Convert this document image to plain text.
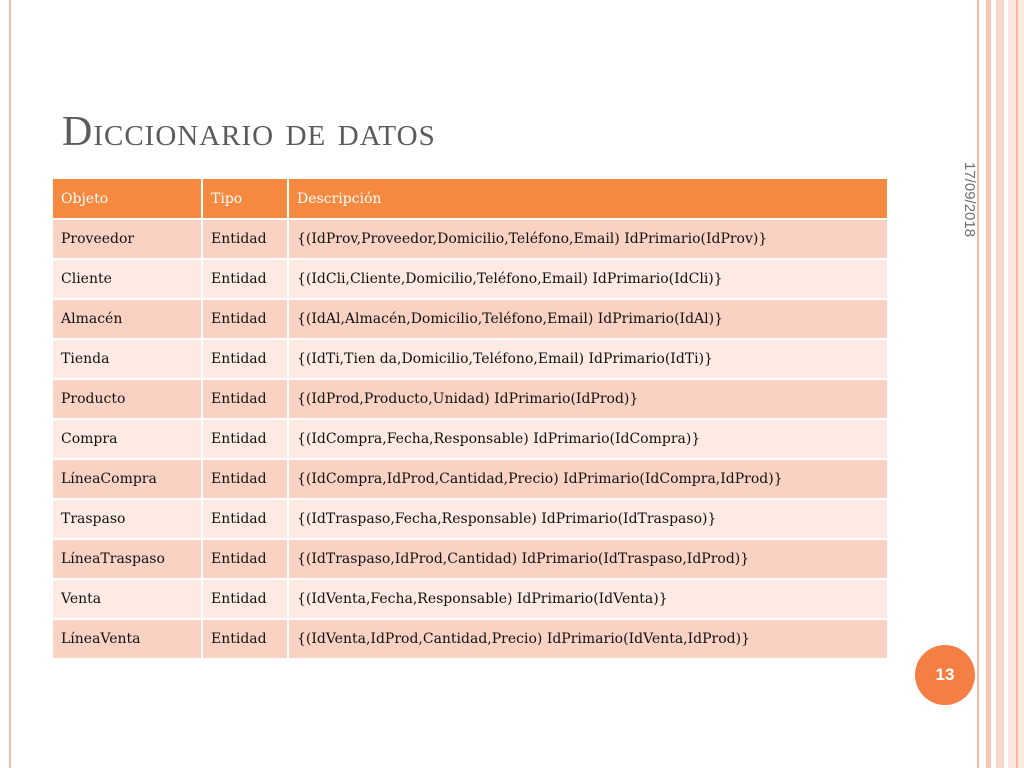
Diccionario de datos
17/09/2018
Objeto	Tipo	Descripción
Proveedor	Entidad	{(IdProv,Proveedor,Domicilio,Teléfono,Email) IdPrimario(IdProv)}
Cliente	Entidad	{(IdCli,Cliente,Domicilio,Teléfono,Email) IdPrimario(IdCli)}
Almacén	Entidad	{(IdAl,Almacén,Domicilio,Teléfono,Email) IdPrimario(IdAl)}
Tienda	Entidad	{(IdTi,Tien da,Domicilio,Teléfono,Email) IdPrimario(IdTi)}
Producto	Entidad	{(IdProd,Producto,Unidad) IdPrimario(IdProd)}
Compra	Entidad	{(IdCompra,Fecha,Responsable) IdPrimario(IdCompra)}
LíneaCompra	Entidad	{(IdCompra,IdProd,Cantidad,Precio) IdPrimario(IdCompra,IdProd)}
Traspaso	Entidad	{(IdTraspaso,Fecha,Responsable) IdPrimario(IdTraspaso)}
LíneaTraspaso	Entidad	{(IdTraspaso,IdProd,Cantidad) IdPrimario(IdTraspaso,IdProd)}
Venta	Entidad	{(IdVenta,Fecha,Responsable) IdPrimario(IdVenta)}
LíneaVenta	Entidad	{(IdVenta,IdProd,Cantidad,Precio) IdPrimario(IdVenta,IdProd)}
13
